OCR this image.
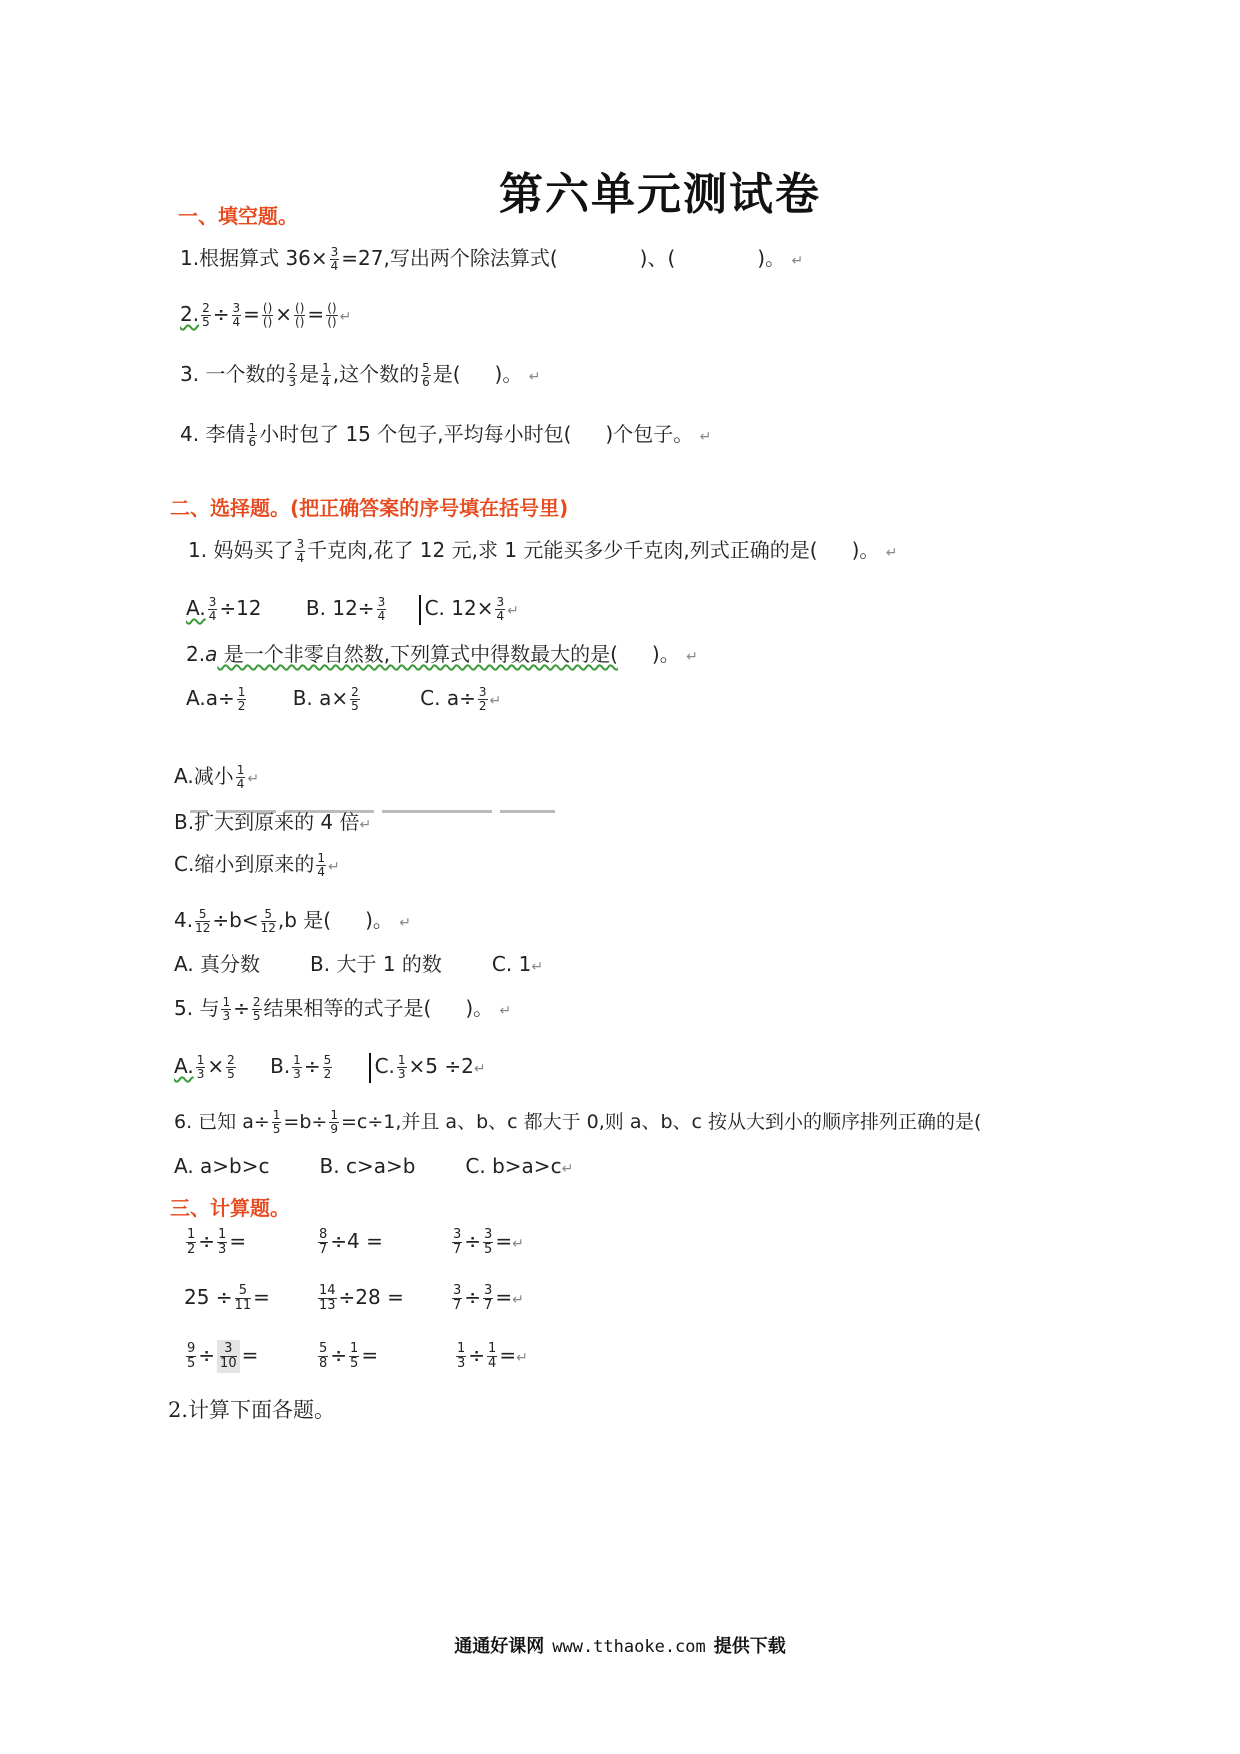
第六单元测试卷
一、填空题。
1.根据算式 $36\times \frac{3}{4} =27$,写出两个除法算式(	)、(	)。 ↵
2. $\frac{2}{5} \div \frac{3}{4} = \frac{()}{()} \times \frac{()}{()} = \frac{()}{()}$ ↵
3. 一个数的 $\frac{2}{3}$ 是 $\frac{1}{4}$ ,这个数的 $\frac{5}{6}$ 是( )。 ↵
4. 李倩 $\frac{1}{6}$ 小时包了 15 个包子,平均每小时包( )个包子。 ↵
二、选择题。(把正确答案的序号填在括号里)
1. 妈妈买了 $\frac{3}{4}$ 千克肉,花了 12 元,求 1 元能买多少千克肉,列式正确的是( )。 ↵
A. $\frac{3}{4} \div 12$ B. $12\div \frac{3}{4} C$. $12\times \frac{3}{4}$ ↵
2.a 是一个非零自然数,下列算式中得数最大的是( )。 ↵
$A.a\div \frac{1}{2} B$. $a\times \frac{2}{5}$	C. $a\div \frac{3}{2}$ ↵
A.减小 $\frac{1}{4}$ ↵
B.扩大到原来的 4 倍↵
C.缩小到原来的 $\frac{1}{4}$ ↵
4. $\frac{5}{12} \div b< \frac{5}{12} ,b$ 是( )。 ↵
A. 真分数	B. 大于 1 的数	C. 1↵
5. 与 $\frac{1}{3} \div \frac{2}{5}$ 结果相等的式子是( )。 ↵
A. $\frac{1}{3} \times \frac{2}{5} B$. $\frac{1}{3} \div \frac{5}{2} C$. $\frac{1}{3} \times 5$ ÷2↵
6. 已知 $a\div \frac{1}{5} =b\div \frac{1}{9} =c\div 1$,并且 a、b、c 都大于 0,则 a、b、c 按从大到小的顺序排列正确的是(
A. a>b>c	B. c>a>b	C. b>a>c↵
三、计算题。
$\frac{1}{2} \div \frac{1}{3}$ =	$\frac{8}{7} \div 4$ =	$\frac{3}{7} \div \frac{3}{5}$ =↵
$25 \div \frac{5}{11}$ =	$\frac{14}{13} \div 28$ =	$\frac{3}{7} \div \frac{3}{7}$ =↵
$\frac{9}{5} \div \frac{3}{10}$ =	$\frac{5}{8} \div \frac{1}{5}$ =	$\frac{1}{3} \div \frac{1}{4}$ =↵
2.计算下面各题。
通通好课网 www.tthaoke.com 提供下载
